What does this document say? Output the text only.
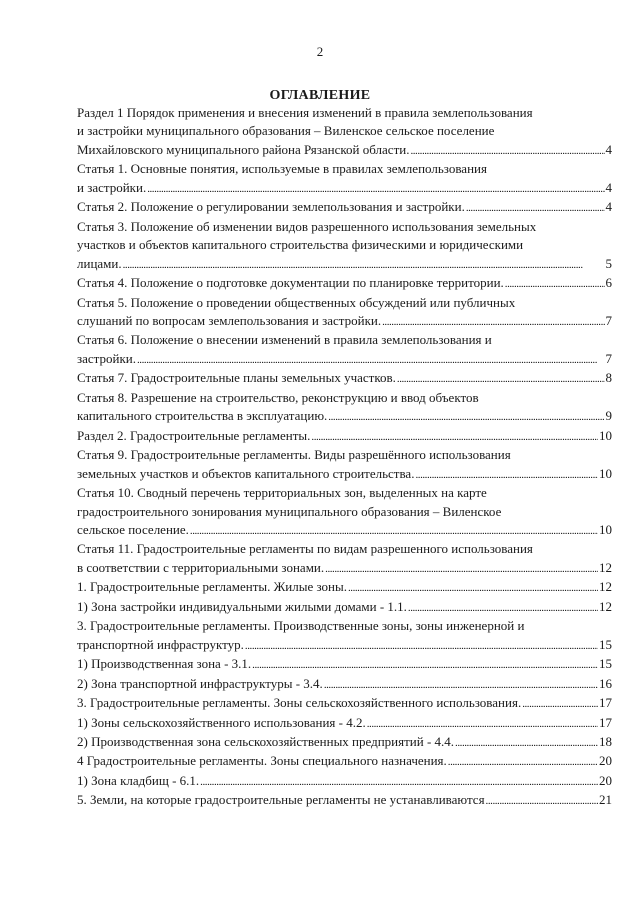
2
ОГЛАВЛЕНИЕ
Раздел 1 Порядок применения и внесения изменений в правила землепользования
и застройки муниципального образования – Виленское сельское поселение
Михайловского муниципального района Рязанской области. . . .	4
Статья 1. Основные понятия, используемые в правилах землепользования
и застройки. . . .	4
Статья 2. Положение о регулировании землепользования и застройки. . . .	4
Статья 3. Положение об изменении видов разрешенного использования земельных
участков и объектов капитального строительства физическими и юридическими
лицами. . . .	5
Статья 4. Положение о подготовке документации по планировке территории. . . .	6
Статья 5. Положение о проведении общественных обсуждений или публичных
слушаний по вопросам землепользования и застройки. . . .	7
Статья 6. Положение о внесении изменений в правила землепользования и
застройки. . . .	7
Статья 7. Градостроительные планы земельных участков. . . .	8
Статья 8. Разрешение на строительство, реконструкцию и ввод объектов
капитального строительства в эксплуатацию. . . .	9
Раздел 2. Градостроительные регламенты. . . .	10
Статья 9. Градостроительные регламенты. Виды разрешённого использования
земельных участков и объектов капитального строительства. . . .	10
Статья 10. Сводный перечень территориальных зон, выделенных на карте
градостроительного зонирования муниципального образования – Виленское
сельское поселение. . . .	10
Статья 11. Градостроительные регламенты по видам разрешенного использования
в соответствии с территориальными зонами. . . .	12
1. Градостроительные регламенты. Жилые зоны. . . .	12
1) Зона застройки индивидуальными жилыми домами - 1.1. . . .	12
3. Градостроительные регламенты. Производственные зоны, зоны инженерной и
транспортной инфраструктур. . . .	15
1) Производственная зона - 3.1. . . .	15
2) Зона транспортной инфраструктуры - 3.4. . . .	16
3. Градостроительные регламенты. Зоны сельскохозяйственного использования. . . .	17
1) Зоны сельскохозяйственного использования - 4.2. . . .	17
2) Производственная зона сельскохозяйственных предприятий - 4.4. . . .	18
4 Градостроительные регламенты. Зоны специального назначения. . . .	20
1) Зона кладбищ - 6.1. . . .	20
5. Земли, на которые градостроительные регламенты не устанавливаются . . .	21
